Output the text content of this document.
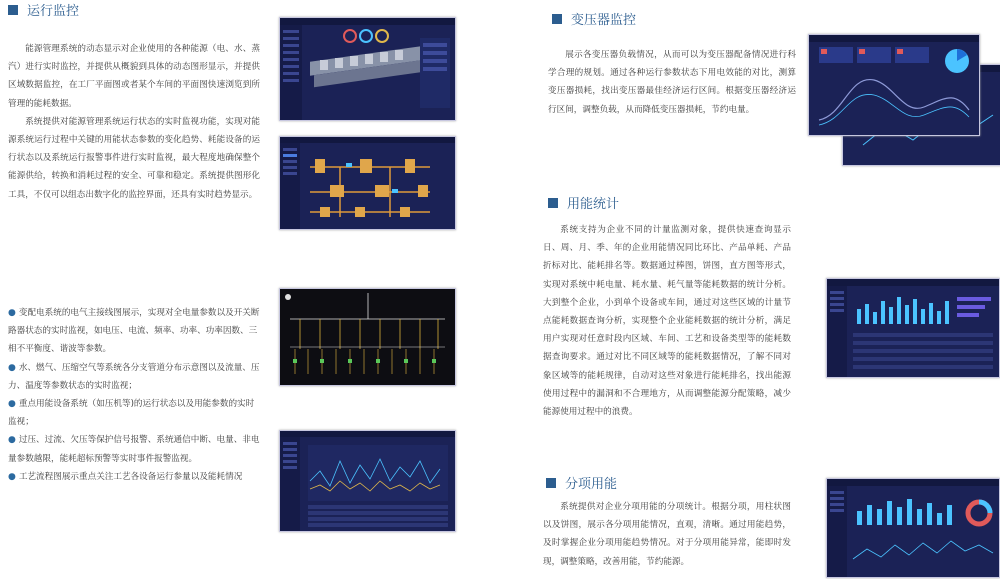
运行监控

能源管理系统的动态显示对企业使用的各种能源（电、水、蒸汽）进行实时监控，并提供从概貌到具体的动态图形显示，并提供区域数据监控，在工厂平面图或者某个车间的平面图快速浏览到所管理的能耗数据。

系统提供对能源管理系统运行状态的实时监视功能，实现对能源系统运行过程中关键的用能状态参数的变化趋势、耗能设备的运行状态以及系统运行报警事件进行实时监视，最大程度地确保整个能源供给，转换和消耗过程的安全、可靠和稳定。系统提供图形化工具，不仅可以组态出数字化的监控界面，还具有实时趋势显示。

● 变配电系统的电气主接线图展示，实现对全电量参数以及开关断路器状态的实时监视，如电压、电流、频率、功率、功率因数、三相不平衡度、谐波等参数。
● 水、燃气、压缩空气等系统各分支管道分布示意图以及流量、压力、温度等参数状态的实时监视；
● 重点用能设备系统（如压机等)的运行状态以及用能参数的实时监视；
● 过压、过流、欠压等保护信号报警、系统通信中断、电量、非电量参数越限，能耗超标预警等实时事件报警监视。
● 工艺流程图展示重点关注工艺各设备运行参量以及能耗情况
变压器监控

展示各变压器负载情况，从而可以为变压器配备情况进行科学合理的规划。通过各种运行参数状态下用电效能的对比，测算变压器损耗，找出变压器最佳经济运行区间。根据变压器经济运行区间，调整负载，从而降低变压器损耗，节约电量。

用能统计

系统支持为企业不同的计量监测对象，提供快速查询显示日、周、月、季、年的企业用能情况同比环比、产品单耗、产品折标对比、能耗排名等。数据通过棒图，饼图，直方图等形式，实现对系统中耗电量、耗水量、耗气量等能耗数据的统计分析。大到整个企业，小到单个设备或车间，通过对这些区域的计量节点能耗数据查询分析，实现整个企业能耗数据的统计分析，满足用户实现对任意时段内区域、车间、工艺和设备类型等的能耗数据查询要求。通过对比不同区域等的能耗数据情况，了解不同对象区域等的能耗规律，自动对这些对象进行能耗排名，找出能源使用过程中的漏洞和不合理地方，从而调整能源分配策略，减少能源使用过程中的浪费。

分项用能

系统提供对企业分项用能的分项统计。根据分项，用柱状图以及饼图，展示各分项用能情况，直观，清晰。通过用能趋势，及时掌握企业分项用能趋势情况。对于分项用能异常，能即时发现，调整策略，改善用能，节约能源。
